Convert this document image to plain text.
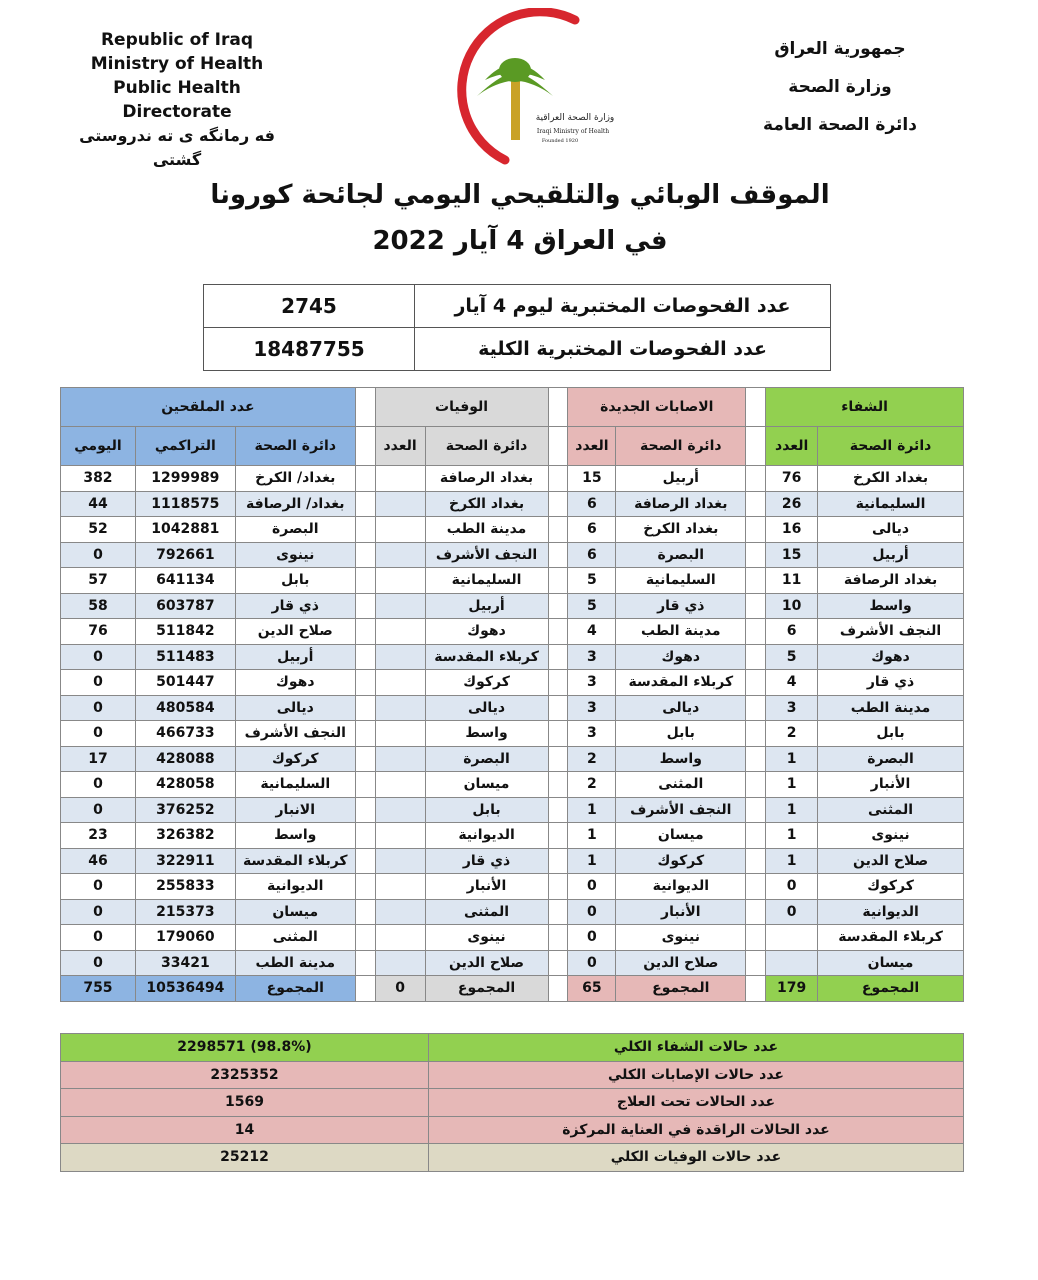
Republic of Iraq
Ministry of Health
Public Health Directorate
فه رمانگه ی ته ندروستی گشتی
وزارة الصحة العراقية
Iraqi Ministry of Health
Founded 1920
جمهورية العراق
وزارة الصحة
دائرة الصحة العامة
الموقف الوبائي والتلقيحي اليومي لجائحة كورونا
في العراق 4 آيار 2022
2745	عدد الفحوصات المختبرية ليوم 4 آيار
18487755	عدد الفحوصات المختبرية الكلية
عدد الملقحين				الوفيات			الاصابات الجديدة			الشفاء	
اليومي	التراكمي	دائرة الصحة		العدد	دائرة الصحة		العدد	دائرة الصحة		العدد	دائرة الصحة
382	1299989	بغداد/ الكرخ			بغداد الرصافة		15	أربيل		76	بغداد الكرخ
44	1118575	بغداد/ الرصافة			بغداد الكرخ		6	بغداد الرصافة		26	السليمانية
52	1042881	البصرة			مدينة الطب		6	بغداد الكرخ		16	ديالى
0	792661	نينوى			النجف الأشرف		6	البصرة		15	أربيل
57	641134	بابل			السليمانية		5	السليمانية		11	بغداد الرصافة
58	603787	ذي قار			أربيل		5	ذي قار		10	واسط
76	511842	صلاح الدين			دهوك		4	مدينة الطب		6	النجف الأشرف
0	511483	أربيل			كربلاء المقدسة		3	دهوك		5	دهوك
0	501447	دهوك			كركوك		3	كربلاء المقدسة		4	ذي قار
0	480584	ديالى			ديالى		3	ديالى		3	مدينة الطب
0	466733	النجف الأشرف			واسط		3	بابل		2	بابل
17	428088	كركوك			البصرة		2	واسط		1	البصرة
0	428058	السليمانية			ميسان		2	المثنى		1	الأنبار
0	376252	الانبار			بابل		1	النجف الأشرف		1	المثنى
23	326382	واسط			الديوانية		1	ميسان		1	نينوى
46	322911	كربلاء المقدسة			ذي قار		1	كركوك		1	صلاح الدين
0	255833	الديوانية			الأنبار		0	الديوانية		0	كركوك
0	215373	ميسان			المثنى		0	الأنبار		0	الديوانية
0	179060	المثنى			نينوى		0	نينوى			كربلاء المقدسة
0	33421	مدينة الطب			صلاح الدين		0	صلاح الدين			ميسان
755	10536494	المجموع		0	المجموع		65	المجموع		179	المجموع
2298571 (98.8%)	عدد حالات الشفاء الكلي
2325352	عدد حالات الإصابات الكلي
1569	عدد الحالات تحت العلاج
14	عدد الحالات الراقدة في العناية المركزة
25212	عدد حالات الوفيات الكلي
